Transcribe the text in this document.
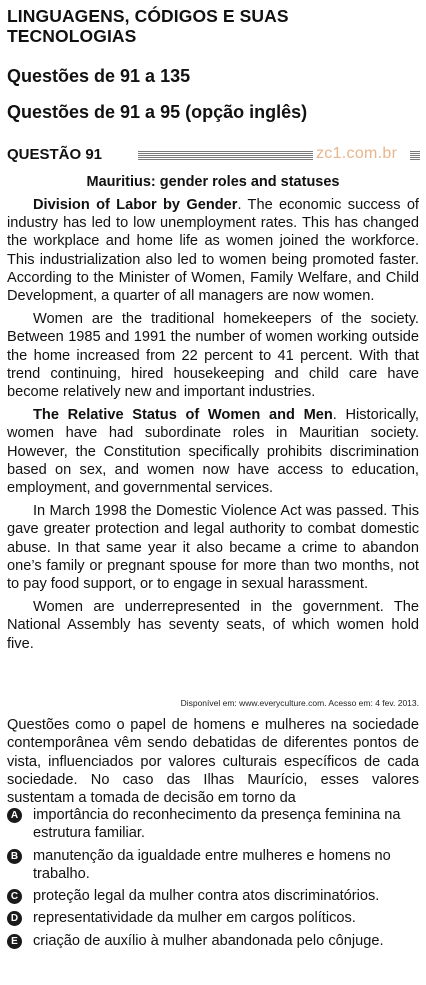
LINGUAGENS, CÓDIGOS E SUAS TECNOLOGIAS
Questões de 91 a 135
Questões de 91 a 95 (opção inglês)
QUESTÃO 91	zc1.com.br
Mauritius: gender roles and statuses

Division of Labor by Gender. The economic success of industry has led to low unemployment rates. This has changed the workplace and home life as women joined the workforce. This industrialization also led to women being promoted faster. According to the Minister of Women, Family Welfare, and Child Development, a quarter of all managers are now women.

Women are the traditional homekeepers of the society. Between 1985 and 1991 the number of women working outside the home increased from 22 percent to 41 percent. With that trend continuing, hired housekeeping and child care have become relatively new and important industries.

The Relative Status of Women and Men. Historically, women have had subordinate roles in Mauritian society. However, the Constitution specifically prohibits discrimination based on sex, and women now have access to education, employment, and governmental services.

In March 1998 the Domestic Violence Act was passed. This gave greater protection and legal authority to combat domestic abuse. In that same year it also became a crime to abandon one’s family or pregnant spouse for more than two months, not to pay food support, or to engage in sexual harassment.

Women are underrepresented in the government. The National Assembly has seventy seats, of which women hold five.

Disponível em: www.everyculture.com. Acesso em: 4 fev. 2013.
Questões como o papel de homens e mulheres na sociedade contemporânea vêm sendo debatidas de diferentes pontos de vista, influenciados por valores culturais específicos de cada sociedade. No caso das Ilhas Maurício, esses valores sustentam a tomada de decisão em torno da
A importância do reconhecimento da presença feminina na estrutura familiar.
B manutenção da igualdade entre mulheres e homens no trabalho.
C proteção legal da mulher contra atos discriminatórios.
D representatividade da mulher em cargos políticos.
E criação de auxílio à mulher abandonada pelo cônjuge.
